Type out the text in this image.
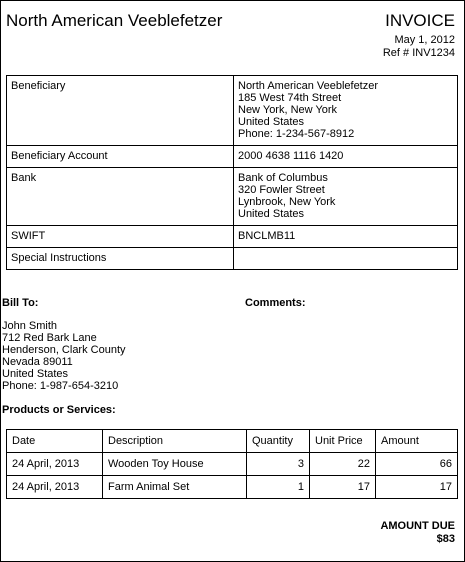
North American Veeblefetzer	INVOICE
May 1, 2012
Ref # INV1234
Beneficiary	North American Veeblefetzer
185 West 74th Street
New York, New York
United States
Phone: 1-234-567-8912
Beneficiary Account	2000 4638 1116 1420
Bank	Bank of Columbus
320 Fowler Street
Lynbrook, New York
United States
SWIFT	BNCLMB11
Special Instructions	
Bill To:	Comments:
John Smith
712 Red Bark Lane
Henderson, Clark County
Nevada 89011
United States
Phone: 1-987-654-3210
Products or Services:
Date	Description	Quantity	Unit Price	Amount
24 April, 2013	Wooden Toy House	3	22	66
24 April, 2013	Farm Animal Set	1	17	17
AMOUNT DUE
$83
